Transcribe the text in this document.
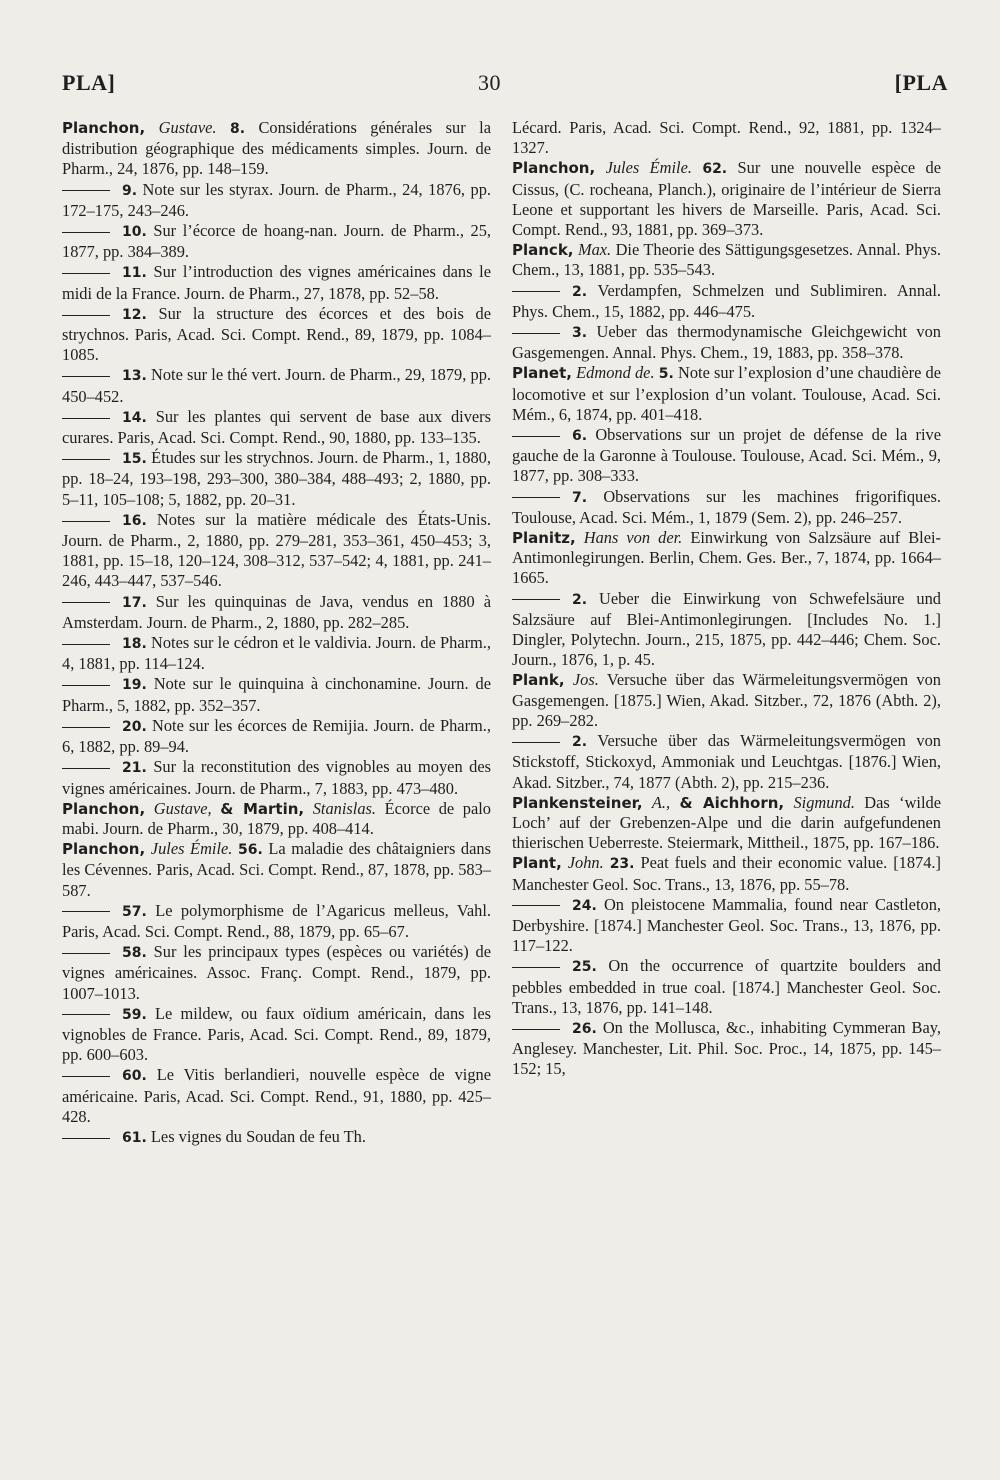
PLA]	30	[PLA

Planchon, Gustave. 8. Considérations générales sur la distribution géographique des médicaments simples. Journ. de Pharm., 24, 1876, pp. 148–159.

9. Note sur les styrax. Journ. de Pharm., 24, 1876, pp. 172–175, 243–246.

10. Sur l’écorce de hoang-nan. Journ. de Pharm., 25, 1877, pp. 384–389.

11. Sur l’introduction des vignes américaines dans le midi de la France. Journ. de Pharm., 27, 1878, pp. 52–58.

12. Sur la structure des écorces et des bois de strychnos. Paris, Acad. Sci. Compt. Rend., 89, 1879, pp. 1084–1085.

13. Note sur le thé vert. Journ. de Pharm., 29, 1879, pp. 450–452.

14. Sur les plantes qui servent de base aux divers curares. Paris, Acad. Sci. Compt. Rend., 90, 1880, pp. 133–135.

15. Études sur les strychnos. Journ. de Pharm., 1, 1880, pp. 18–24, 193–198, 293–300, 380–384, 488–493; 2, 1880, pp. 5–11, 105–108; 5, 1882, pp. 20–31.

16. Notes sur la matière médicale des États-Unis. Journ. de Pharm., 2, 1880, pp. 279–281, 353–361, 450–453; 3, 1881, pp. 15–18, 120–124, 308–312, 537–542; 4, 1881, pp. 241–246, 443–447, 537–546.

17. Sur les quinquinas de Java, vendus en 1880 à Amsterdam. Journ. de Pharm., 2, 1880, pp. 282–285.

18. Notes sur le cédron et le valdivia. Journ. de Pharm., 4, 1881, pp. 114–124.

19. Note sur le quinquina à cinchonamine. Journ. de Pharm., 5, 1882, pp. 352–357.

20. Note sur les écorces de Remijia. Journ. de Pharm., 6, 1882, pp. 89–94.

21. Sur la reconstitution des vignobles au moyen des vignes américaines. Journ. de Pharm., 7, 1883, pp. 473–480.

Planchon, Gustave, & Martin, Stanislas. Écorce de palo mabi. Journ. de Pharm., 30, 1879, pp. 408–414.

Planchon, Jules Émile. 56. La maladie des châtaigniers dans les Cévennes. Paris, Acad. Sci. Compt. Rend., 87, 1878, pp. 583–587.

57. Le polymorphisme de l’Agaricus melleus, Vahl. Paris, Acad. Sci. Compt. Rend., 88, 1879, pp. 65–67.

58. Sur les principaux types (espèces ou variétés) de vignes américaines. Assoc. Franç. Compt. Rend., 1879, pp. 1007–1013.

59. Le mildew, ou faux oïdium américain, dans les vignobles de France. Paris, Acad. Sci. Compt. Rend., 89, 1879, pp. 600–603.

60. Le Vitis berlandieri, nouvelle espèce de vigne américaine. Paris, Acad. Sci. Compt. Rend., 91, 1880, pp. 425–428.

61. Les vignes du Soudan de feu Th.

Lécard. Paris, Acad. Sci. Compt. Rend., 92, 1881, pp. 1324–1327.

Planchon, Jules Émile. 62. Sur une nouvelle espèce de Cissus, (C. rocheana, Planch.), originaire de l’intérieur de Sierra Leone et supportant les hivers de Marseille. Paris, Acad. Sci. Compt. Rend., 93, 1881, pp. 369–373.

Planck, Max. Die Theorie des Sättigungsgesetzes. Annal. Phys. Chem., 13, 1881, pp. 535–543.

2. Verdampfen, Schmelzen und Sublimiren. Annal. Phys. Chem., 15, 1882, pp. 446–475.

3. Ueber das thermodynamische Gleichgewicht von Gasgemengen. Annal. Phys. Chem., 19, 1883, pp. 358–378.

Planet, Edmond de. 5. Note sur l’explosion d’une chaudière de locomotive et sur l’explosion d’un volant. Toulouse, Acad. Sci. Mém., 6, 1874, pp. 401–418.

6. Observations sur un projet de défense de la rive gauche de la Garonne à Toulouse. Toulouse, Acad. Sci. Mém., 9, 1877, pp. 308–333.

7. Observations sur les machines frigorifiques. Toulouse, Acad. Sci. Mém., 1, 1879 (Sem. 2), pp. 246–257.

Planitz, Hans von der. Einwirkung von Salzsäure auf Blei-Antimonlegirungen. Berlin, Chem. Ges. Ber., 7, 1874, pp. 1664–1665.

2. Ueber die Einwirkung von Schwefelsäure und Salzsäure auf Blei-Antimonlegirungen. [Includes No. 1.] Dingler, Polytechn. Journ., 215, 1875, pp. 442–446; Chem. Soc. Journ., 1876, 1, p. 45.

Plank, Jos. Versuche über das Wärmeleitungsvermögen von Gasgemengen. [1875.] Wien, Akad. Sitzber., 72, 1876 (Abth. 2), pp. 269–282.

2. Versuche über das Wärmeleitungsvermögen von Stickstoff, Stickoxyd, Ammoniak und Leuchtgas. [1876.] Wien, Akad. Sitzber., 74, 1877 (Abth. 2), pp. 215–236.

Plankensteiner, A., & Aichhorn, Sigmund. Das ‘wilde Loch’ auf der Grebenzen-Alpe und die darin aufgefundenen thierischen Ueberreste. Steiermark, Mittheil., 1875, pp. 167–186.

Plant, John. 23. Peat fuels and their economic value. [1874.] Manchester Geol. Soc. Trans., 13, 1876, pp. 55–78.

24. On pleistocene Mammalia, found near Castleton, Derbyshire. [1874.] Manchester Geol. Soc. Trans., 13, 1876, pp. 117–122.

25. On the occurrence of quartzite boulders and pebbles embedded in true coal. [1874.] Manchester Geol. Soc. Trans., 13, 1876, pp. 141–148.

26. On the Mollusca, &c., inhabiting Cymmeran Bay, Anglesey. Manchester, Lit. Phil. Soc. Proc., 14, 1875, pp. 145–152; 15,
